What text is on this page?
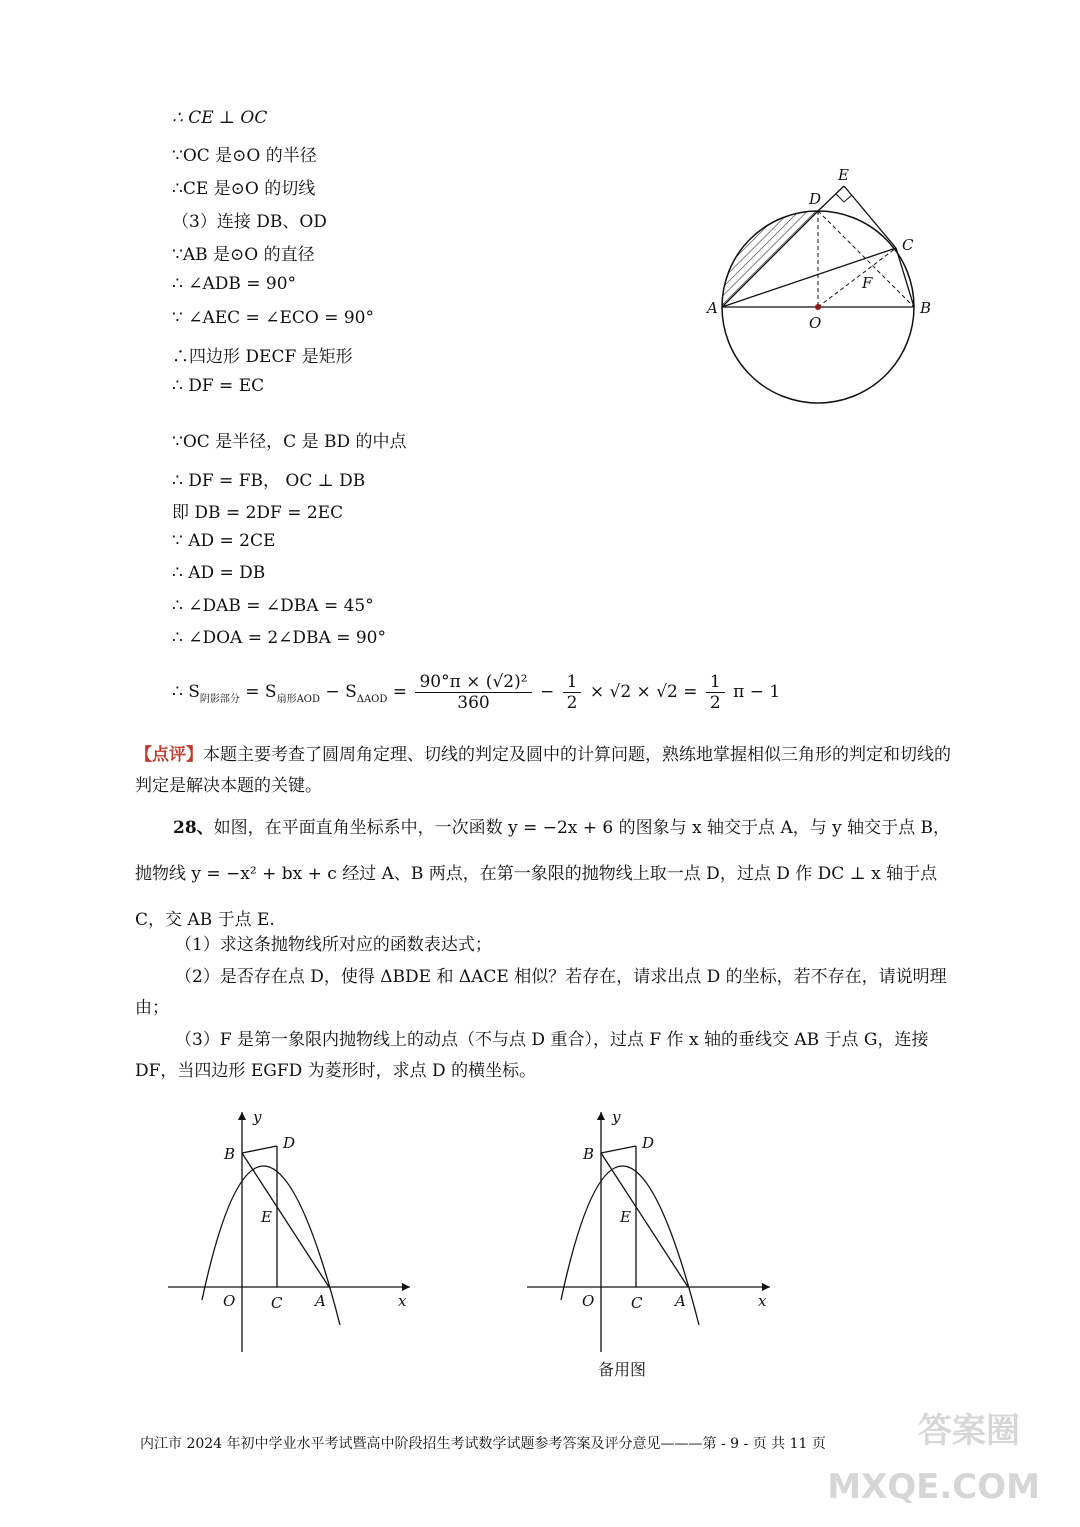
∴ CE ⊥ OC
∵OC 是⊙O 的半径
∴CE 是⊙O 的切线
（3）连接 DB、OD
∵AB 是⊙O 的直径
∴ ∠ADB = 90°
∵ ∠AEC = ∠ECO = 90°
∴四边形 DECF 是矩形
∴ DF = EC
∵OC 是半径，C 是 BD 的中点
∴ DF = FB， OC ⊥ DB
即 DB = 2DF = 2EC
∵ AD = 2CE
∴ AD = DB
∴ ∠DAB = ∠DBA = 45°
∴ ∠DOA = 2∠DBA = 90°
∴ $S_{阴影部分} = S_{扇形AOD} - S_{\Delta AOD} = \frac{\text{90°π × (√2)²}}{360} - \frac{1}{2} \times √2 \times √2 = \frac{1}{2}$ π − 1
A	B
C
D
E
F
O
【点评】本题主要考查了圆周角定理、切线的判定及圆中的计算问题，熟练地掌握相似三角形的判定和切线的判定是解决本题的关键。
28、如图，在平面直角坐标系中，一次函数 y = −2x + 6 的图象与 x 轴交于点 A，与 y 轴交于点 B，抛物线 y = −x² + bx + c 经过 A、B 两点，在第一象限的抛物线上取一点 D，过点 D 作 DC ⊥ x 轴于点 C，交 AB 于点 E.
（1）求这条抛物线所对应的函数表达式；
（2）是否存在点 D，使得 ΔBDE 和 ΔACE 相似？若存在，请求出点 D 的坐标，若不存在，请说明理由；
（3）F 是第一象限内抛物线上的动点（不与点 D 重合），过点 F 作 x 轴的垂线交 AB 于点 G，连接 DF，当四边形 EGFD 为菱形时，求点 D 的横坐标。
y
x
O C A
B
D
E
y
x
O C A
B
D
E
备用图
内江市 2024 年初中学业水平考试暨高中阶段招生考试数学试题参考答案及评分意见———第 - 9 - 页 共 11 页	答案圈
MXQE.COM
